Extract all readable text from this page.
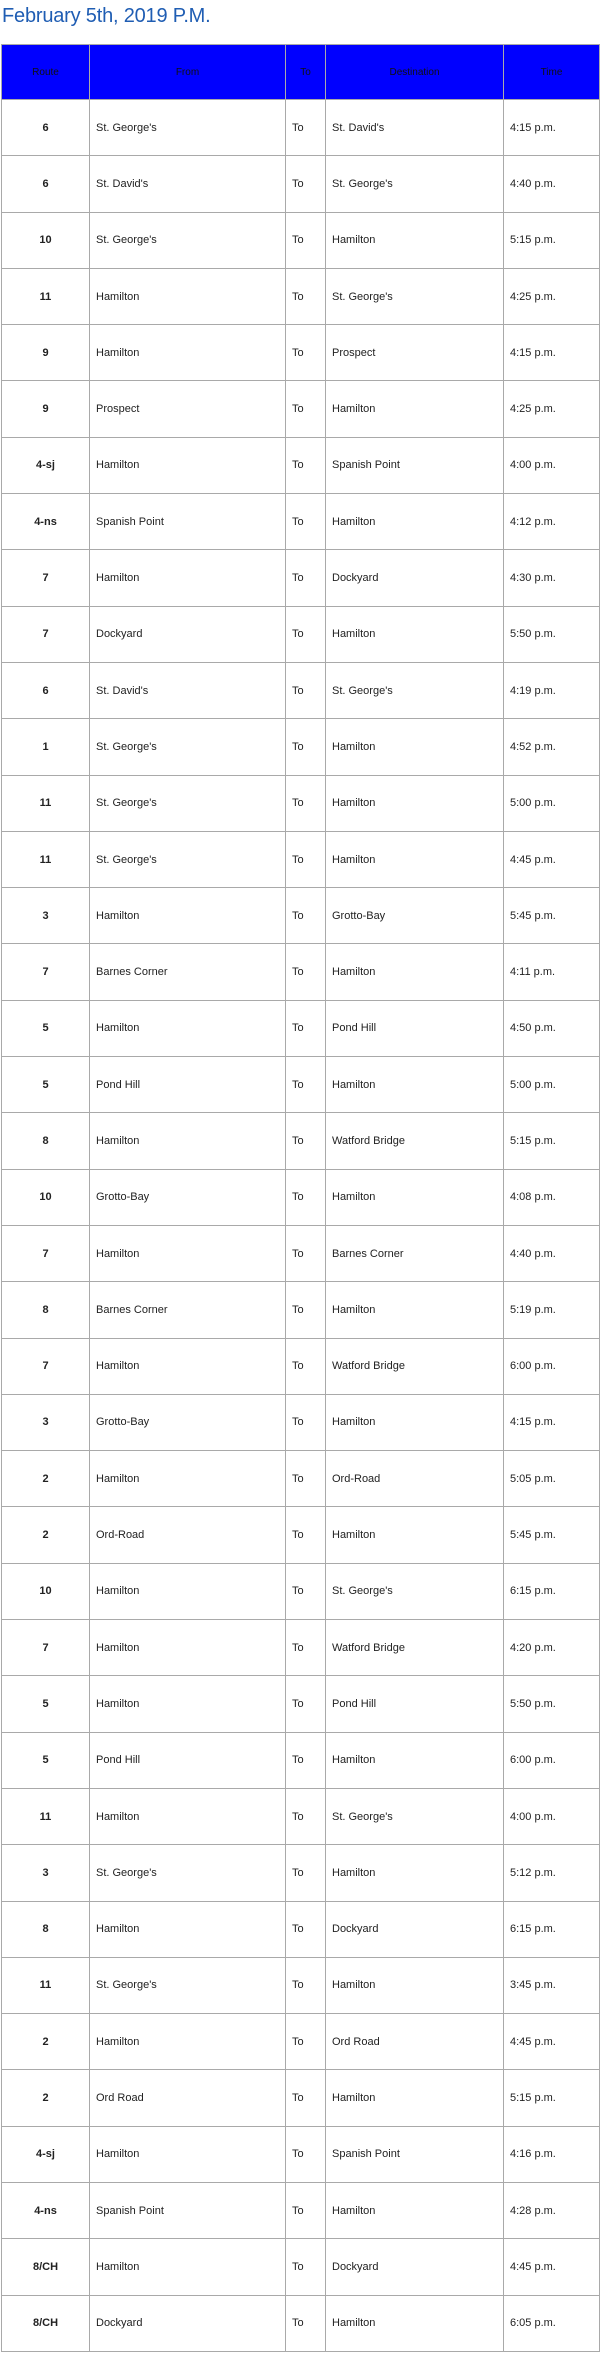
February 5th, 2019 P.M.
Route	From	To	Destination	Time
6	St. George's	To	St. David's	4:15 p.m.
6	St. David's	To	St. George's	4:40 p.m.
10	St. George's	To	Hamilton	5:15 p.m.
11	Hamilton	To	St. George's	4:25 p.m.
9	Hamilton	To	Prospect	4:15 p.m.
9	Prospect	To	Hamilton	4:25 p.m.
4-sj	Hamilton	To	Spanish Point	4:00 p.m.
4-ns	Spanish Point	To	Hamilton	4:12 p.m.
7	Hamilton	To	Dockyard	4:30 p.m.
7	Dockyard	To	Hamilton	5:50 p.m.
6	St. David's	To	St. George's	4:19 p.m.
1	St. George's	To	Hamilton	4:52 p.m.
11	St. George's	To	Hamilton	5:00 p.m.
11	St. George's	To	Hamilton	4:45 p.m.
3	Hamilton	To	Grotto-Bay	5:45 p.m.
7	Barnes Corner	To	Hamilton	4:11 p.m.
5	Hamilton	To	Pond Hill	4:50 p.m.
5	Pond Hill	To	Hamilton	5:00 p.m.
8	Hamilton	To	Watford Bridge	5:15 p.m.
10	Grotto-Bay	To	Hamilton	4:08 p.m.
7	Hamilton	To	Barnes Corner	4:40 p.m.
8	Barnes Corner	To	Hamilton	5:19 p.m.
7	Hamilton	To	Watford Bridge	6:00 p.m.
3	Grotto-Bay	To	Hamilton	4:15 p.m.
2	Hamilton	To	Ord-Road	5:05 p.m.
2	Ord-Road	To	Hamilton	5:45 p.m.
10	Hamilton	To	St. George's	6:15 p.m.
7	Hamilton	To	Watford Bridge	4:20 p.m.
5	Hamilton	To	Pond Hill	5:50 p.m.
5	Pond Hill	To	Hamilton	6:00 p.m.
11	Hamilton	To	St. George's	4:00 p.m.
3	St. George's	To	Hamilton	5:12 p.m.
8	Hamilton	To	Dockyard	6:15 p.m.
11	St. George's	To	Hamilton	3:45 p.m.
2	Hamilton	To	Ord Road	4:45 p.m.
2	Ord Road	To	Hamilton	5:15 p.m.
4-sj	Hamilton	To	Spanish Point	4:16 p.m.
4-ns	Spanish Point	To	Hamilton	4:28 p.m.
8/CH	Hamilton	To	Dockyard	4:45 p.m.
8/CH	Dockyard	To	Hamilton	6:05 p.m.
